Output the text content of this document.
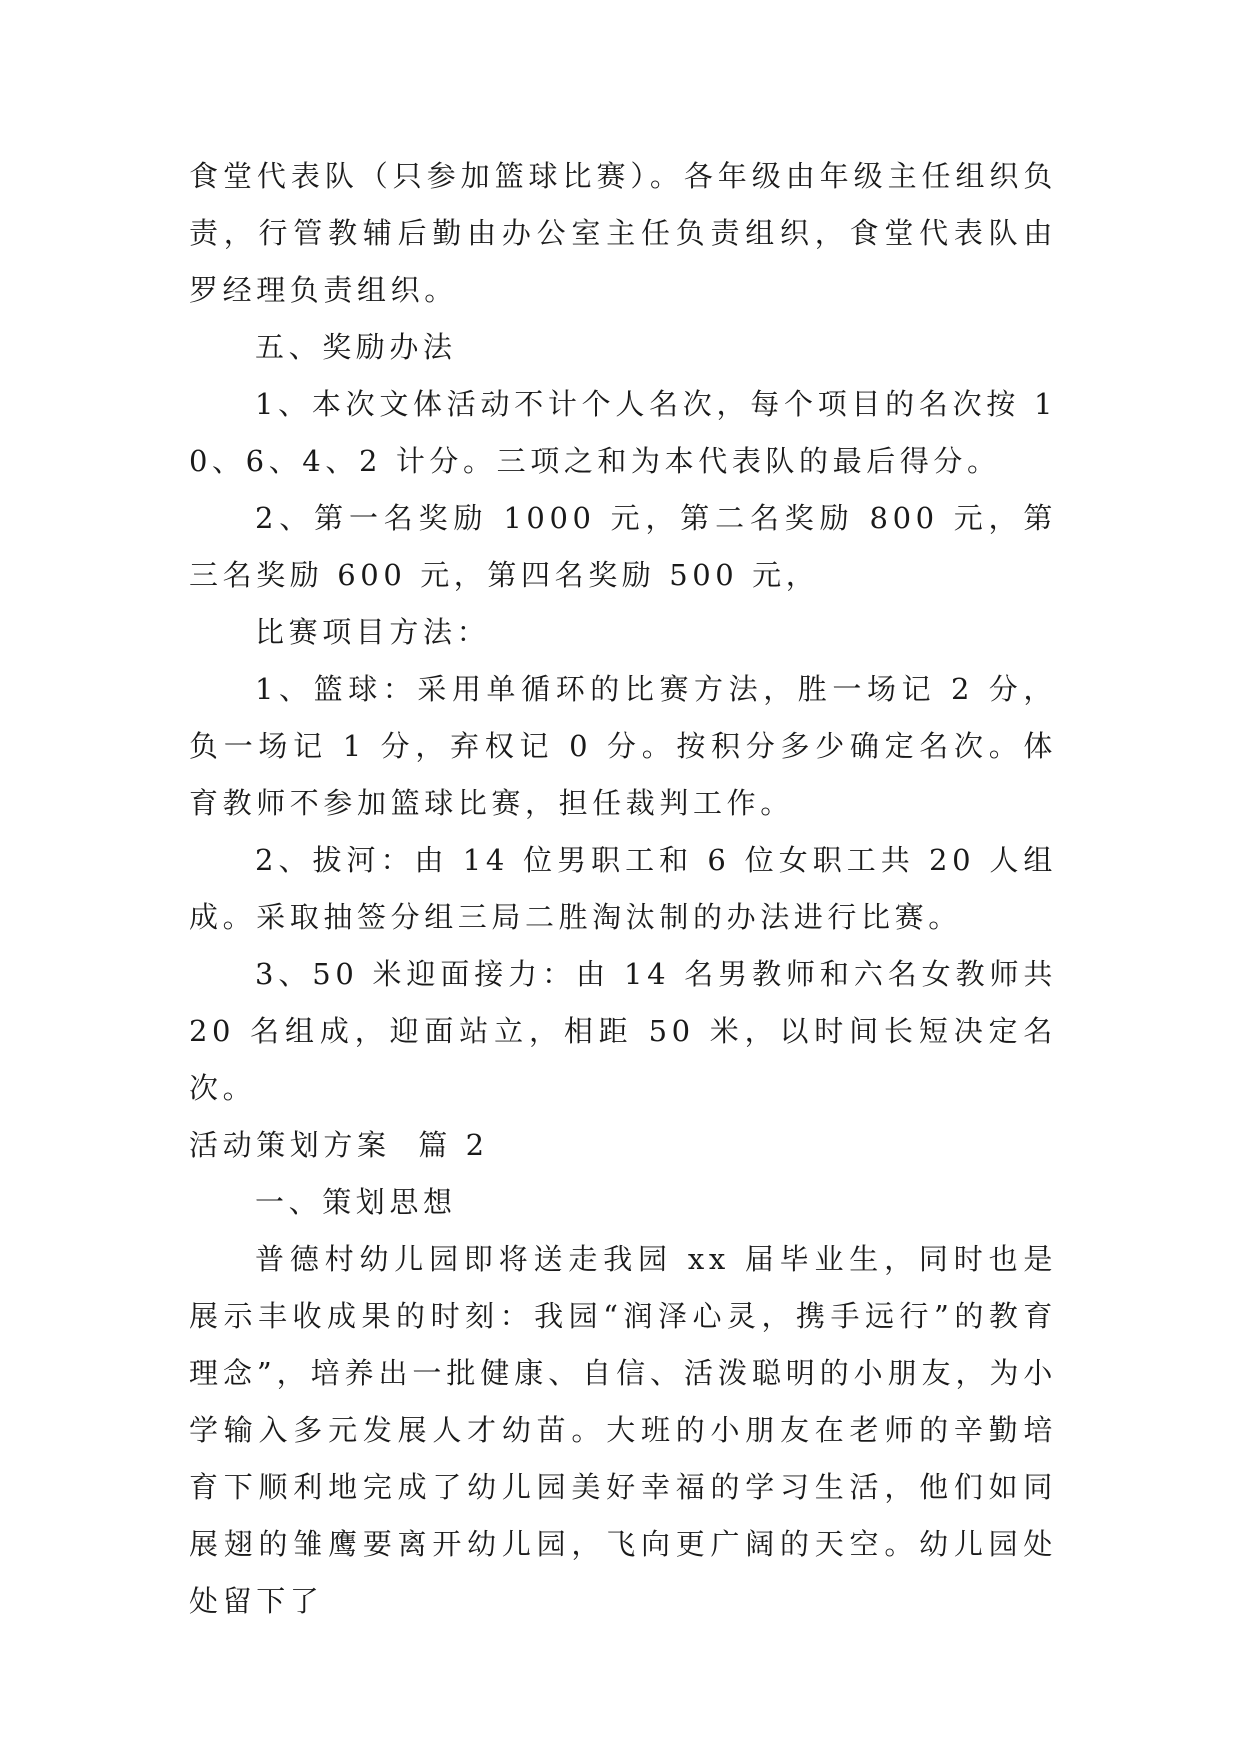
食堂代表队（只参加篮球比赛）。各年级由年级主任组织负责，行管教辅后勤由办公室主任负责组织，食堂代表队由罗经理负责组织。

五、奖励办法

1、本次文体活动不计个人名次，每个项目的名次按 10、6、4、2 计分。三项之和为本代表队的最后得分。

2、第一名奖励 1000 元，第二名奖励 800 元，第三名奖励 600 元，第四名奖励 500 元，

比赛项目方法：

1、篮球：采用单循环的比赛方法，胜一场记 2 分，负一场记 1 分，弃权记 0 分。按积分多少确定名次。体育教师不参加篮球比赛，担任裁判工作。

2、拔河：由 14 位男职工和 6 位女职工共 20 人组成。采取抽签分组三局二胜淘汰制的办法进行比赛。

3、50 米迎面接力：由 14 名男教师和六名女教师共 20 名组成，迎面站立，相距 50 米，以时间长短决定名次。

活动策划方案  篇 2

一、策划思想

普德村幼儿园即将送走我园 xx 届毕业生，同时也是展示丰收成果的时刻：我园“润泽心灵，携手远行”的教育理念”，培养出一批健康、自信、活泼聪明的小朋友，为小学输入多元发展人才幼苗。大班的小朋友在老师的辛勤培育下顺利地完成了幼儿园美好幸福的学习生活，他们如同展翅的雏鹰要离开幼儿园，飞向更广阔的天空。幼儿园处处留下了
